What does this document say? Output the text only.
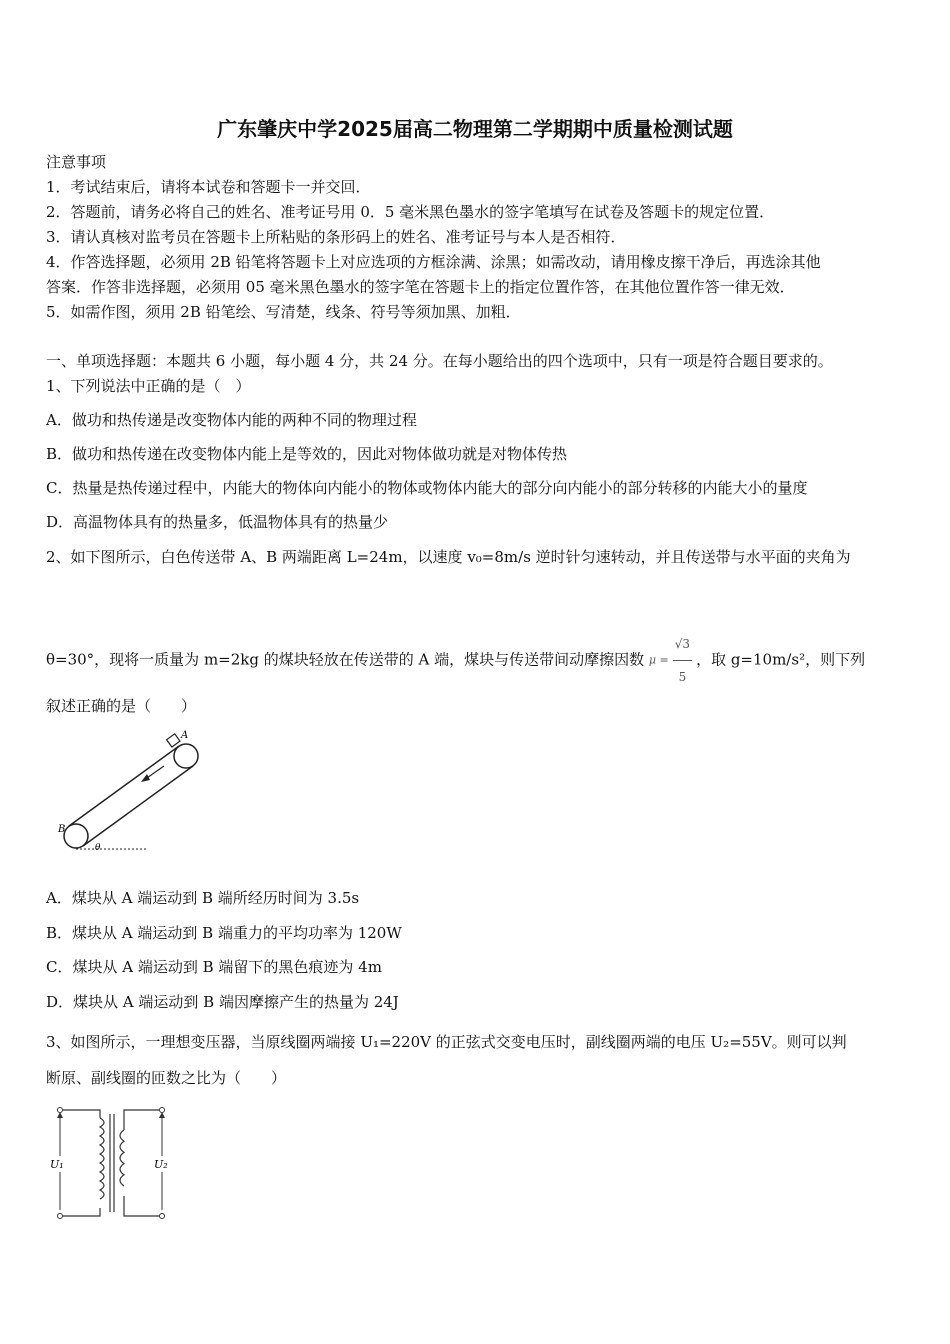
广东肇庆中学2025届高二物理第二学期期中质量检测试题
注意事项
1．考试结束后，请将本试卷和答题卡一并交回．
2．答题前，请务必将自己的姓名、准考证号用 0．5 毫米黑色墨水的签字笔填写在试卷及答题卡的规定位置．
3．请认真核对监考员在答题卡上所粘贴的条形码上的姓名、准考证号与本人是否相符．
4．作答选择题，必须用 2B 铅笔将答题卡上对应选项的方框涂满、涂黑；如需改动，请用橡皮擦干净后，再选涂其他
答案．作答非选择题，必须用 05 毫米黑色墨水的签字笔在答题卡上的指定位置作答，在其他位置作答一律无效．
5．如需作图，须用 2B 铅笔绘、写清楚，线条、符号等须加黑、加粗．
一、单项选择题：本题共 6 小题，每小题 4 分，共 24 分。在每小题给出的四个选项中，只有一项是符合题目要求的。
1、下列说法中正确的是（　）
A．做功和热传递是改变物体内能的两种不同的物理过程
B．做功和热传递在改变物体内能上是等效的，因此对物体做功就是对物体传热
C．热量是热传递过程中，内能大的物体向内能小的物体或物体内能大的部分向内能小的部分转移的内能大小的量度
D．高温物体具有的热量多，低温物体具有的热量少
2、如下图所示，白色传送带 A、B 两端距离 L=24m，以速度 v₀=8m/s 逆时针匀速转动，并且传送带与水平面的夹角为
θ=30°，现将一质量为 m=2kg 的煤块轻放在传送带的 A 端，煤块与传送带间动摩擦因数 $\mu = \frac{√3}{5}$ ，取 g=10m/s²，则下列
叙述正确的是（　　）
A
B
θ
A．煤块从 A 端运动到 B 端所经历时间为 3.5s
B．煤块从 A 端运动到 B 端重力的平均功率为 120W
C．煤块从 A 端运动到 B 端留下的黑色痕迹为 4m
D．煤块从 A 端运动到 B 端因摩擦产生的热量为 24J
3、如图所示，一理想变压器，当原线圈两端接 U₁=220V 的正弦式交变电压时，副线圈两端的电压 U₂=55V。则可以判
断原、副线圈的匝数之比为（　　）
U₁	U₂
